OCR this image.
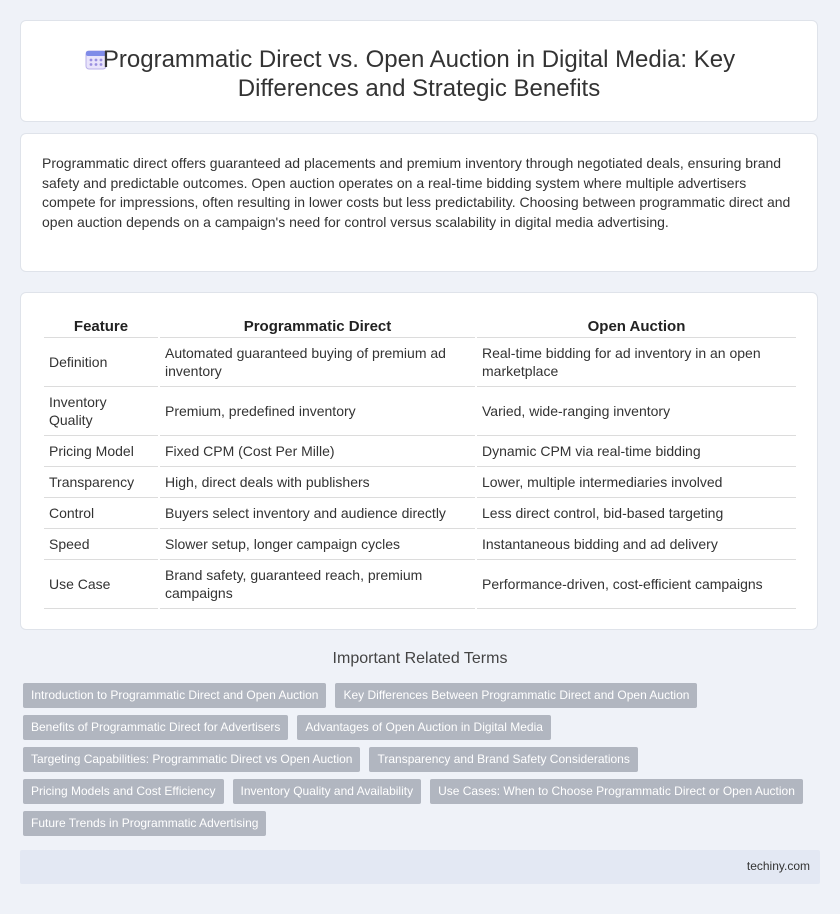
Programmatic Direct vs. Open Auction in Digital Media: Key
Differences and Strategic Benefits
Programmatic direct offers guaranteed ad placements and premium inventory through negotiated deals, ensuring brand safety and predictable outcomes. Open auction operates on a real-time bidding system where multiple advertisers compete for impressions, often resulting in lower costs but less predictability. Choosing between programmatic direct and open auction depends on a campaign's need for control versus scalability in digital media advertising.
Feature	Programmatic Direct	Open Auction
Definition	Automated guaranteed buying of premium ad inventory	Real-time bidding for ad inventory in an open marketplace
Inventory Quality	Premium, predefined inventory	Varied, wide-ranging inventory
Pricing Model	Fixed CPM (Cost Per Mille)	Dynamic CPM via real-time bidding
Transparency	High, direct deals with publishers	Lower, multiple intermediaries involved
Control	Buyers select inventory and audience directly	Less direct control, bid-based targeting
Speed	Slower setup, longer campaign cycles	Instantaneous bidding and ad delivery
Use Case	Brand safety, guaranteed reach, premium campaigns	Performance-driven, cost-efficient campaigns
Important Related Terms
Introduction to Programmatic Direct and Open Auction Key Differences Between Programmatic Direct and Open Auction
Benefits of Programmatic Direct for Advertisers Advantages of Open Auction in Digital Media
Targeting Capabilities: Programmatic Direct vs Open Auction Transparency and Brand Safety Considerations
Pricing Models and Cost Efficiency Inventory Quality and Availability Use Cases: When to Choose Programmatic Direct or Open Auction
Future Trends in Programmatic Advertising
techiny.com
